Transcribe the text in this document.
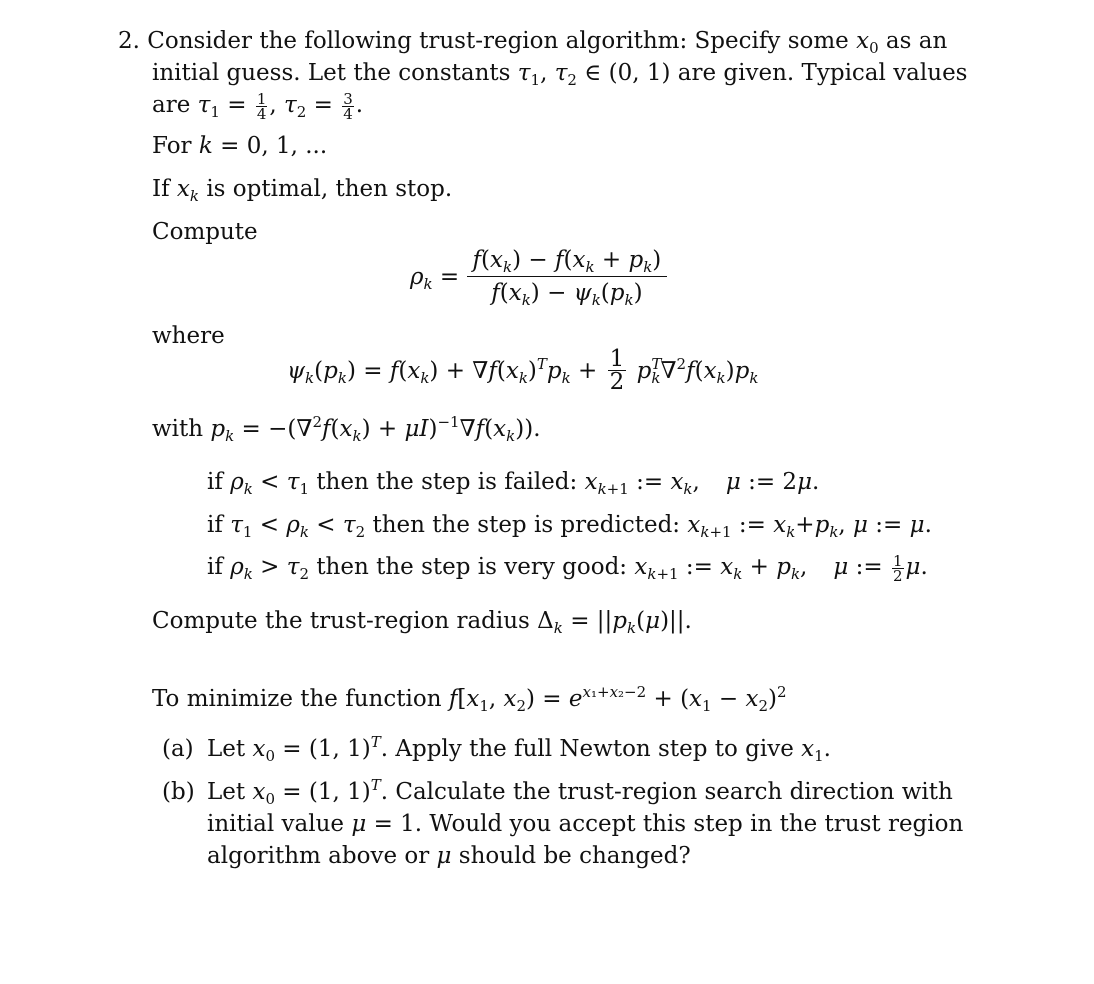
2. Consider the following trust-region algorithm: Specify some $x_0$ as an
initial guess. Let the constants $\tau_1$, $\tau_2$ ∈ (0, 1) are given. Typical values
are $\tau_1 = \frac{1}{4}$ , $\tau_2 = \frac{3}{4}$ .
For k = 0, 1, ...
If $x_k$ is optimal, then stop.
Compute
$\rho_k = \frac{f(x_k) - f(x_k + p_k)}{f(x_k) - \psi_k(p_k)}$
where
$\psi_k(p_k) = f(x_k) + \nabla f(x_k)^Tp_k + \frac{1}{2} p^T_k\nabla^2f(x_k)p_k$
with $p_k = -(\nabla^2f(x_k) + \mu I)^{-1}\nabla f(x_k)$).
if $\rho_k < \tau_1$ then the step is failed: $x_{k+1}$ := $x_k$, μ := 2μ.
if $\tau_1 < \rho_k < \tau_2$ then the step is predicted: $x_{k+1}$ := $x_k+p_k$, μ := μ.
if $\rho_k > \tau_2$ then the step is very good: $x_{k+1}$ := $x_k + p_k$, μ := $\frac{1}{2} \mu$.
Compute the trust-region radius $\Delta_k = ||p_k(\mu)||$.
To minimize the function $f[x_1$, $x_2) = e^{x_1+x_2-2} + (x_1 - x_2)^2$
(a) Let $x_0 = (1$, 1)$^T$. Apply the full Newton step to give $x_1$.
(b) Let $x_0 = (1$, 1)$^T$. Calculate the trust-region search direction with
initial value μ = 1. Would you accept this step in the trust region
algorithm above or μ should be changed?
